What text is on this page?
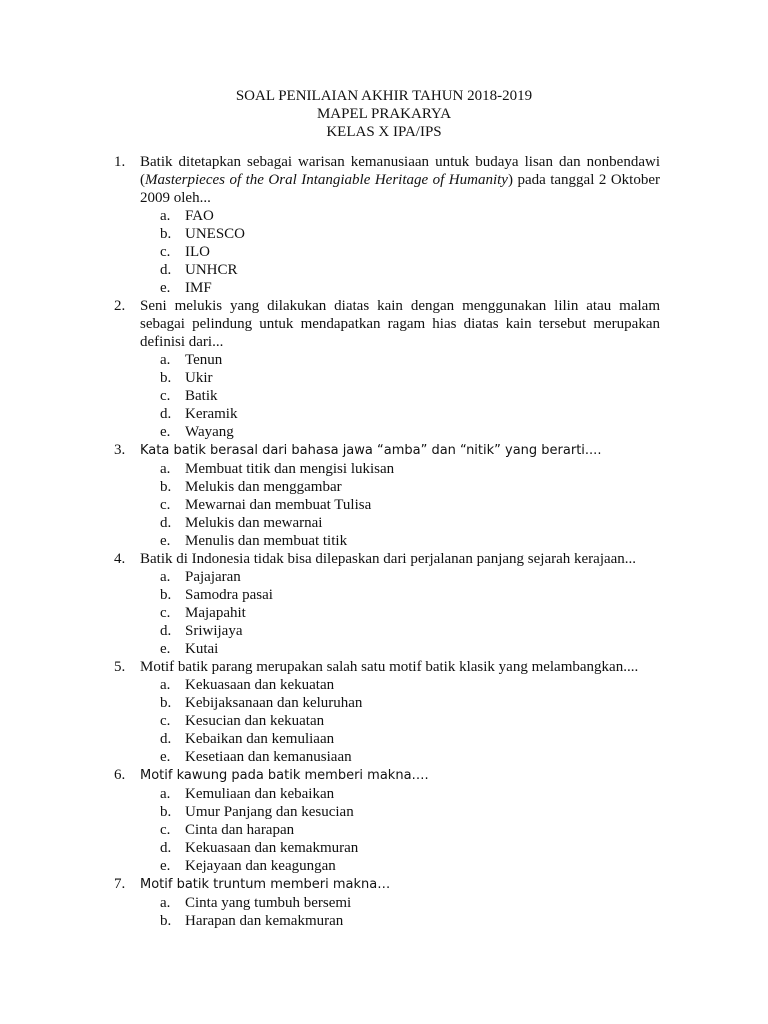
SOAL PENILAIAN AKHIR TAHUN 2018-2019
MAPEL PRAKARYA
KELAS X IPA/IPS
1. Batik ditetapkan sebagai warisan kemanusiaan untuk budaya lisan dan nonbendawi (Masterpieces of the Oral Intangiable Heritage of Humanity) pada tanggal 2 Oktober 2009 oleh...
a. FAO
b. UNESCO
c. ILO
d. UNHCR
e. IMF
2. Seni melukis yang dilakukan diatas kain dengan menggunakan lilin atau malam sebagai pelindung untuk mendapatkan ragam hias diatas kain tersebut merupakan definisi dari...
a. Tenun
b. Ukir
c. Batik
d. Keramik
e. Wayang
3. Kata batik berasal dari bahasa jawa “amba” dan “nitik” yang berarti....
a. Membuat titik dan mengisi lukisan
b. Melukis dan menggambar
c. Mewarnai dan membuat Tulisa
d. Melukis dan mewarnai
e. Menulis dan membuat titik
4. Batik di Indonesia tidak bisa dilepaskan dari perjalanan panjang sejarah kerajaan...
a. Pajajaran
b. Samodra pasai
c. Majapahit
d. Sriwijaya
e. Kutai
5. Motif batik parang merupakan salah satu motif batik klasik yang melambangkan....
a. Kekuasaan dan kekuatan
b. Kebijaksanaan dan keluruhan
c. Kesucian dan kekuatan
d. Kebaikan dan kemuliaan
e. Kesetiaan dan kemanusiaan
6. Motif kawung pada batik memberi makna….
a. Kemuliaan dan kebaikan
b. Umur Panjang dan kesucian
c. Cinta dan harapan
d. Kekuasaan dan kemakmuran
e. Kejayaan dan keagungan
7. Motif batik truntum memberi makna…
a. Cinta yang tumbuh bersemi
b. Harapan dan kemakmuran
